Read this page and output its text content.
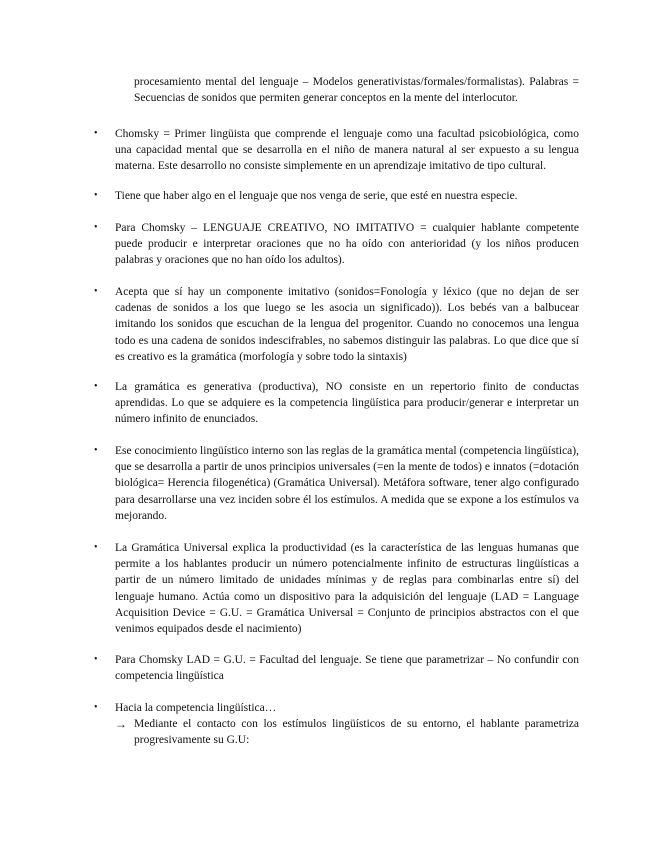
procesamiento mental del lenguaje – Modelos generativistas/formales/formalistas). Palabras = Secuencias de sonidos que permiten generar conceptos en la mente del interlocutor.

• Chomsky = Primer lingüista que comprende el lenguaje como una facultad psicobiológica, como una capacidad mental que se desarrolla en el niño de manera natural al ser expuesto a su lengua materna. Este desarrollo no consiste simplemente en un aprendizaje imitativo de tipo cultural.

• Tiene que haber algo en el lenguaje que nos venga de serie, que esté en nuestra especie.

• Para Chomsky – LENGUAJE CREATIVO, NO IMITATIVO = cualquier hablante competente puede producir e interpretar oraciones que no ha oído con anterioridad (y los niños producen palabras y oraciones que no han oído los adultos).

• Acepta que sí hay un componente imitativo (sonidos=Fonología y léxico (que no dejan de ser cadenas de sonidos a los que luego se les asocia un significado)). Los bebés van a balbucear imitando los sonidos que escuchan de la lengua del progenitor. Cuando no conocemos una lengua todo es una cadena de sonidos indescifrables, no sabemos distinguir las palabras. Lo que dice que sí es creativo es la gramática (morfología y sobre todo la sintaxis)

• La gramática es generativa (productiva), NO consiste en un repertorio finito de conductas aprendidas. Lo que se adquiere es la competencia lingüística para producir/generar e interpretar un número infinito de enunciados.

• Ese conocimiento lingüístico interno son las reglas de la gramática mental (competencia lingüística), que se desarrolla a partir de unos principios universales (=en la mente de todos) e innatos (=dotación biológica= Herencia filogenética) (Gramática Universal). Metáfora software, tener algo configurado para desarrollarse una vez inciden sobre él los estímulos. A medida que se expone a los estímulos va mejorando.

• La Gramática Universal explica la productividad (es la característica de las lenguas humanas que permite a los hablantes producir un número potencialmente infinito de estructuras lingüísticas a partir de un número limitado de unidades mínimas y de reglas para combinarlas entre sí) del lenguaje humano. Actúa como un dispositivo para la adquisición del lenguaje (LAD = Language Acquisition Device = G.U. = Gramática Universal = Conjunto de principios abstractos con el que venimos equipados desde el nacimiento)

• Para Chomsky LAD = G.U. = Facultad del lenguaje. Se tiene que parametrizar – No confundir con competencia lingüística

• Hacia la competencia lingüística…

→ Mediante el contacto con los estímulos lingüísticos de su entorno, el hablante parametriza progresivamente su G.U:
